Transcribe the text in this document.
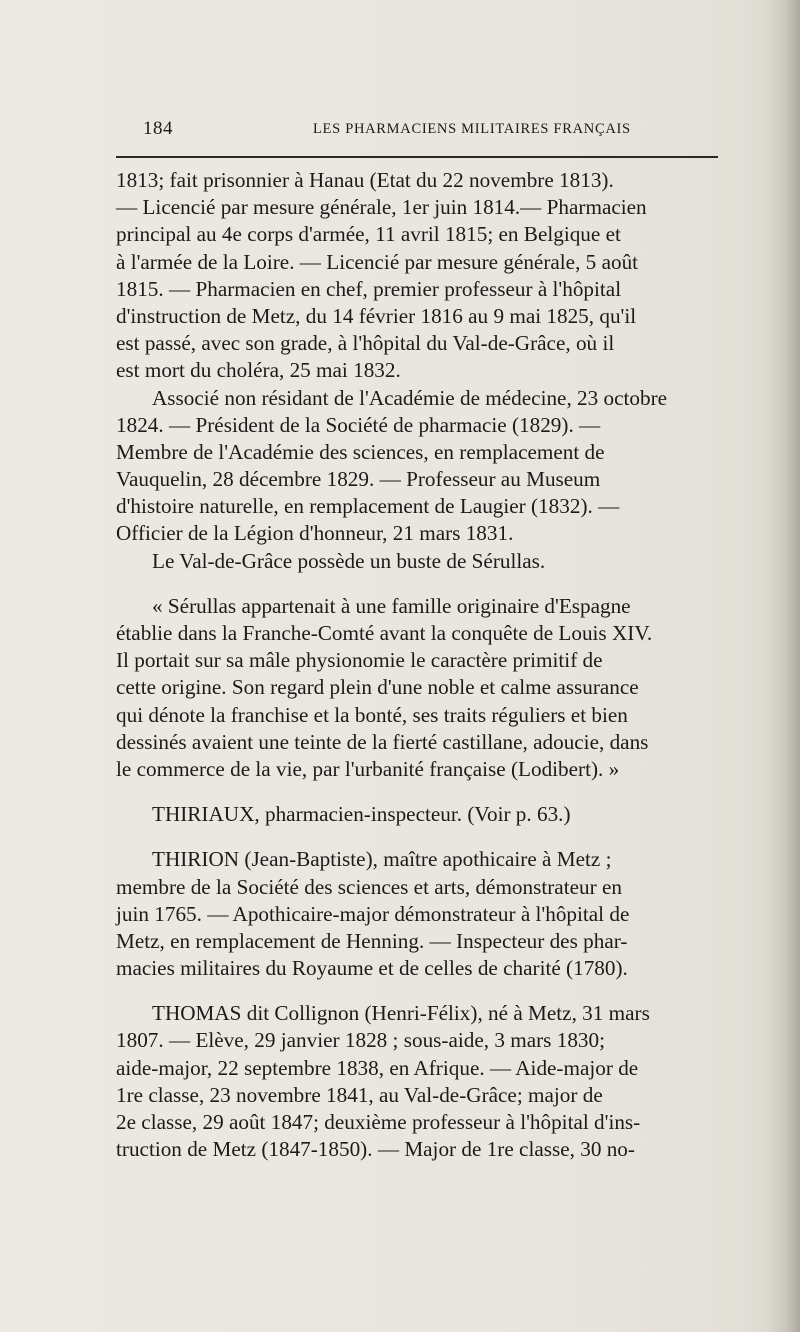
184	LES PHARMACIENS MILITAIRES FRANÇAIS
1813; fait prisonnier à Hanau (Etat du 22 novembre 1813).
— Licencié par mesure générale, 1er juin 1814.— Pharmacien
principal au 4e corps d'armée, 11 avril 1815; en Belgique et
à l'armée de la Loire. — Licencié par mesure générale, 5 août
1815. — Pharmacien en chef, premier professeur à l'hôpital
d'instruction de Metz, du 14 février 1816 au 9 mai 1825, qu'il
est passé, avec son grade, à l'hôpital du Val-de-Grâce, où il
est mort du choléra, 25 mai 1832.
Associé non résidant de l'Académie de médecine, 23 octobre
1824. — Président de la Société de pharmacie (1829). —
Membre de l'Académie des sciences, en remplacement de
Vauquelin, 28 décembre 1829. — Professeur au Museum
d'histoire naturelle, en remplacement de Laugier (1832). —
Officier de la Légion d'honneur, 21 mars 1831.
Le Val-de-Grâce possède un buste de Sérullas.
« Sérullas appartenait à une famille originaire d'Espagne
établie dans la Franche-Comté avant la conquête de Louis XIV.
Il portait sur sa mâle physionomie le caractère primitif de
cette origine. Son regard plein d'une noble et calme assurance
qui dénote la franchise et la bonté, ses traits réguliers et bien
dessinés avaient une teinte de la fierté castillane, adoucie, dans
le commerce de la vie, par l'urbanité française (Lodibert). »
THIRIAUX, pharmacien-inspecteur. (Voir p. 63.)
THIRION (Jean-Baptiste), maître apothicaire à Metz ;
membre de la Société des sciences et arts, démonstrateur en
juin 1765. — Apothicaire-major démonstrateur à l'hôpital de
Metz, en remplacement de Henning. — Inspecteur des phar-
macies militaires du Royaume et de celles de charité (1780).
THOMAS dit Collignon (Henri-Félix), né à Metz, 31 mars
1807. — Elève, 29 janvier 1828 ; sous-aide, 3 mars 1830;
aide-major, 22 septembre 1838, en Afrique. — Aide-major de
1re classe, 23 novembre 1841, au Val-de-Grâce; major de
2e classe, 29 août 1847; deuxième professeur à l'hôpital d'ins-
truction de Metz (1847-1850). — Major de 1re classe, 30 no-
